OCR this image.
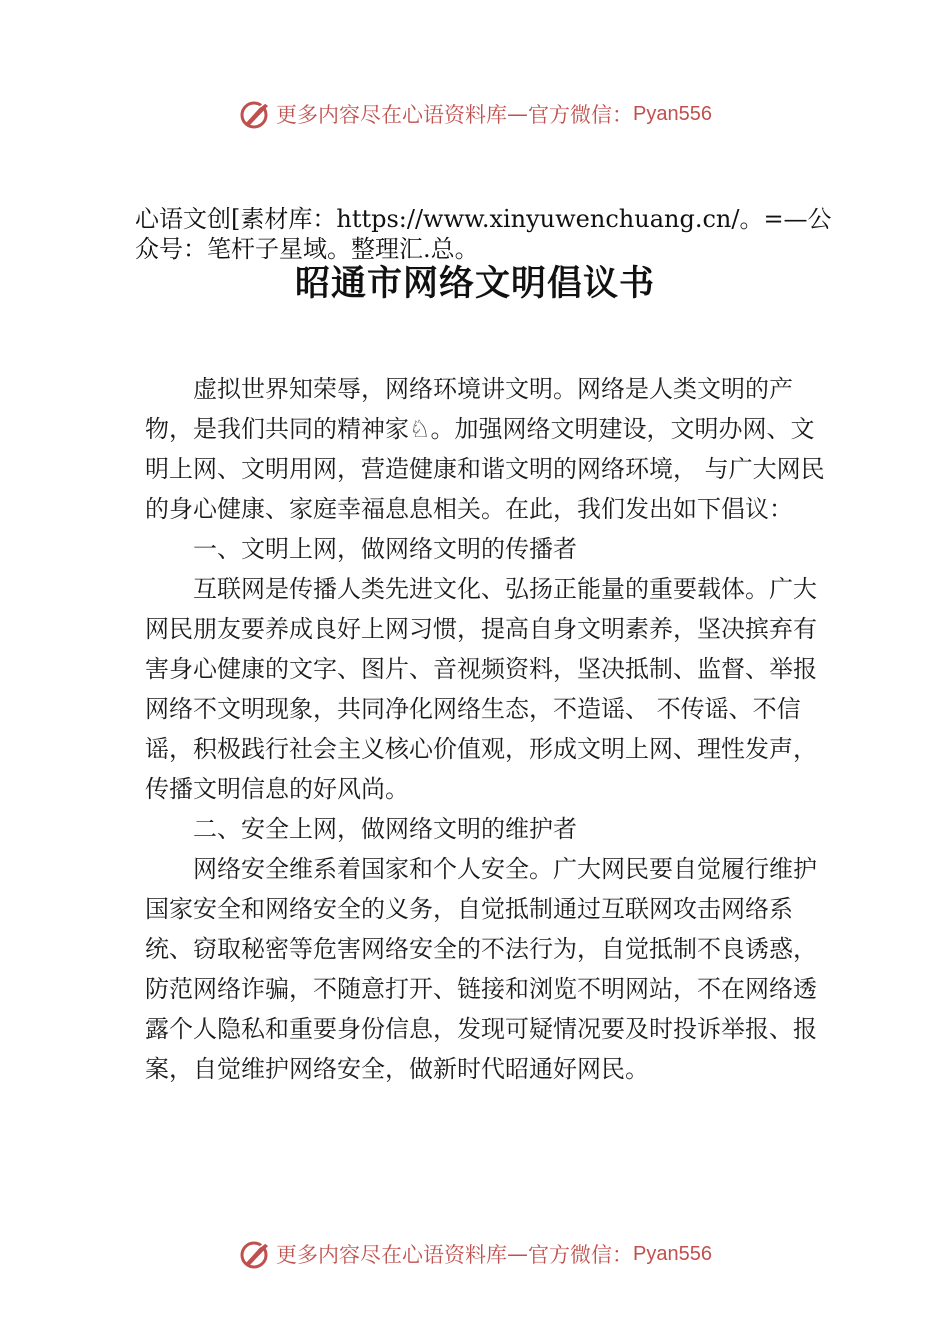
更多内容尽在心语资料库 — 官方微信： Pyan556
心语文创[素材库：https://www.xinyuwenchuang.cn/。=—公众号：笔杆子星域。整理汇.总。
昭通市网络文明倡议书

虚拟世界知荣辱，网络环境讲文明。网络是人类文明的产物，是我们共同的精神家♘。加强网络文明建设，文明办网、文明上网、文明用网，营造健康和谐文明的网络环境， 与广大网民的身心健康、家庭幸福息息相关。在此，我们发出如下倡议：

一、文明上网，做网络文明的传播者

互联网是传播人类先进文化、弘扬正能量的重要载体。广大网民朋友要养成良好上网习惯，提高自身文明素养，坚决摈弃有害身心健康的文字、图片、音视频资料，坚决抵制、监督、举报网络不文明现象，共同净化网络生态，不造谣、 不传谣、不信谣，积极践行社会主义核心价值观，形成文明上网、理性发声，传播文明信息的好风尚。

二、安全上网，做网络文明的维护者

网络安全维系着国家和个人安全。广大网民要自觉履行维护国家安全和网络安全的义务，自觉抵制通过互联网攻击网络系统、窃取秘密等危害网络安全的不法行为，自觉抵制不良诱惑，防范网络诈骗，不随意打开、链接和浏览不明网站，不在网络透露个人隐私和重要身份信息，发现可疑情况要及时投诉举报、报案，自觉维护网络安全，做新时代昭通好网民。

更多内容尽在心语资料库 — 官方微信： Pyan556
